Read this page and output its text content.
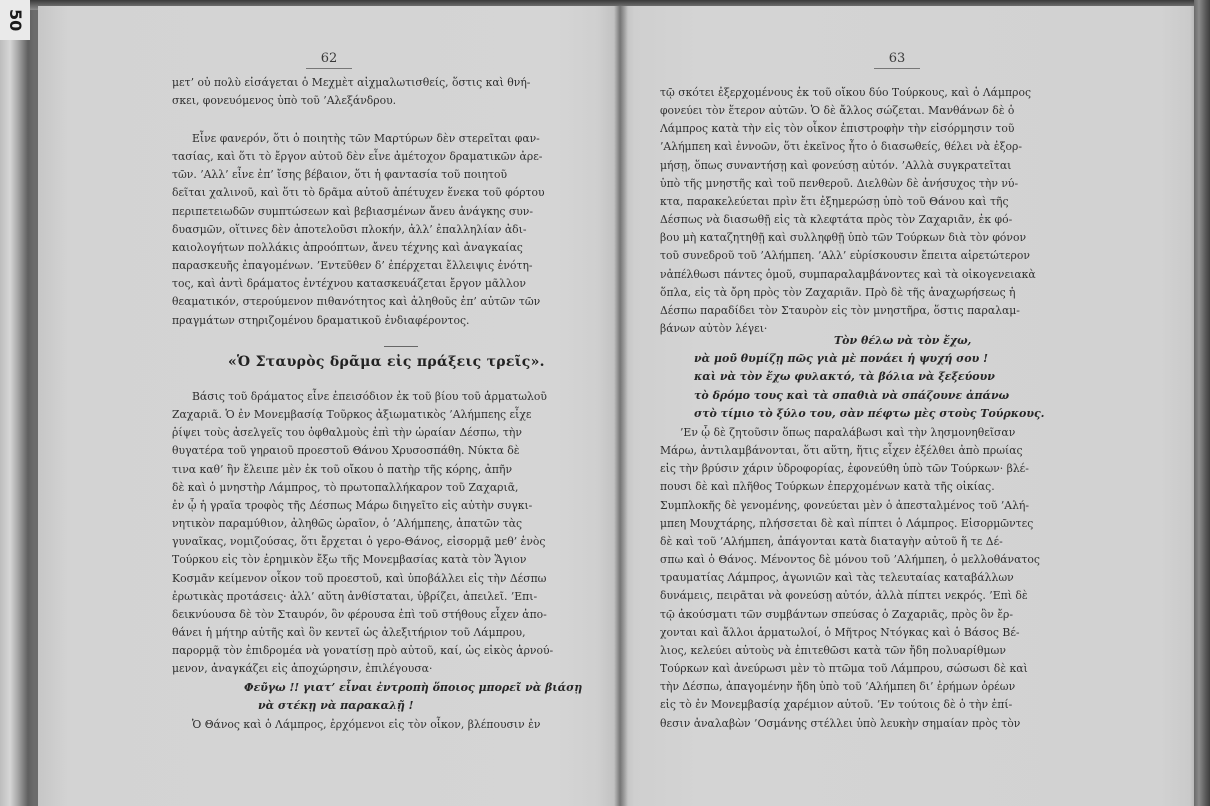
50
62
μετ’ οὐ πολὺ εἰσάγεται ὁ Μεχμὲτ αἰχμαλωτισθείς, ὅστις καὶ θνή-
σκει, φονευόμενος ὑπὸ τοῦ ’Αλεξάνδρου.
Εἶνε φανερόν, ὅτι ὁ ποιητὴς τῶν Μαρτύρων δὲν στερεῖται φαν-
τασίας, καὶ ὅτι τὸ ἔργον αὐτοῦ δὲν εἶνε ἀμέτοχον δραματικῶν ἀρε-
τῶν. ’Αλλ’ εἶνε ἐπ’ ἴσης βέβαιον, ὅτι ἡ φαντασία τοῦ ποιητοῦ
δεῖται χαλινοῦ, καὶ ὅτι τὸ δρᾶμα αὐτοῦ ἀπέτυχεν ἕνεκα τοῦ φόρτου
περιπετειωδῶν συμπτώσεων καὶ βεβιασμένων ἄνευ ἀνάγκης συν-
δυασμῶν, οἵτινες δὲν ἀποτελοῦσι πλοκήν, ἀλλ’ ἐπαλληλίαν ἀδι-
καιολογήτων πολλάκις ἀπροόπτων, ἄνευ τέχνης καὶ ἀναγκαίας
παρασκευῆς ἐπαγομένων. ’Εντεῦθεν δ’ ἐπέρχεται ἔλλειψις ἑνότη-
τος, καὶ ἀντὶ δράματος ἐντέχνου κατασκευάζεται ἔργον μᾶλλον
θεαματικόν, στερούμενον πιθανότητος καὶ ἀληθοῦς ἐπ’ αὐτῶν τῶν
πραγμάτων στηριζομένου δραματικοῦ ἐνδιαφέροντος.
«Ὁ Σταυρὸς δρᾶμα εἰς πράξεις τρεῖς».
Βάσις τοῦ δράματος εἶνε ἐπεισόδιον ἐκ τοῦ βίου τοῦ ἁρματωλοῦ
Ζαχαριᾶ. Ὁ ἐν Μονεμβασίᾳ Τοῦρκος ἀξιωματικὸς ’Αλήμπεης εἶχε
ῥίψει τοὺς ἀσελγεῖς του ὀφθαλμοὺς ἐπὶ τὴν ὡραίαν Δέσπω, τὴν
θυγατέρα τοῦ γηραιοῦ προεστοῦ Θάνου Χρυσοσπάθη. Νύκτα δὲ
τινα καθ’ ἣν ἔλειπε μὲν ἐκ τοῦ οἴκου ὁ πατὴρ τῆς κόρης, ἀπῆν
δὲ καὶ ὁ μνηστὴρ Λάμπρος, τὸ πρωτοπαλλήκαρον τοῦ Ζαχαριᾶ,
ἐν ᾧ ἡ γραῖα τροφὸς τῆς Δέσπως Μάρω διηγεῖτο εἰς αὐτὴν συγκι-
νητικὸν παραμύθιον, ἀληθῶς ὡραῖον, ὁ ’Αλήμπεης, ἀπατῶν τὰς
γυναῖκας, νομιζούσας, ὅτι ἔρχεται ὁ γερο-Θάνος, εἰσορμᾷ μεθ’ ἑνὸς
Τούρκου εἰς τὸν ἐρημικὸν ἔξω τῆς Μονεμβασίας κατὰ τὸν Ἅγιον
Κοσμᾶν κείμενον οἶκον τοῦ προεστοῦ, καὶ ὑποβάλλει εἰς τὴν Δέσπω
ἐρωτικὰς προτάσεις· ἀλλ’ αὕτη ἀνθίσταται, ὑβρίζει, ἀπειλεῖ. ’Επι-
δεικνύουσα δὲ τὸν Σταυρόν, ὃν φέρουσα ἐπὶ τοῦ στήθους εἶχεν ἀπο-
θάνει ἡ μήτηρ αὐτῆς καὶ ὃν κεντεῖ ὡς ἀλεξιτήριον τοῦ Λάμπρου,
παρορμᾷ τὸν ἐπιδρομέα νὰ γονατίσῃ πρὸ αὐτοῦ, καί, ὡς εἰκὸς ἀρνού-
μενον, ἀναγκάζει εἰς ἀποχώρησιν, ἐπιλέγουσα·
Φεῦγω !! γιατ’ εἶναι ἐντροπὴ ὅποιος μπορεῖ νὰ βιάσῃ
νὰ στέκῃ νὰ παρακαλῇ !
Ὁ Θάνος καὶ ὁ Λάμπρος, ἐρχόμενοι εἰς τὸν οἶκον, βλέπουσιν ἐν
63
τῷ σκότει ἐξερχομένους ἐκ τοῦ οἴκου δύο Τούρκους, καὶ ὁ Λάμπρος
φονεύει τὸν ἕτερον αὐτῶν. Ὁ δὲ ἄλλος σώζεται. Μανθάνων δὲ ὁ
Λάμπρος κατὰ τὴν εἰς τὸν οἶκον ἐπιστροφὴν τὴν εἰσόρμησιν τοῦ
’Αλήμπεη καὶ ἐννοῶν, ὅτι ἐκεῖνος ἦτο ὁ διασωθείς, θέλει νὰ ἐξορ-
μήσῃ, ὅπως συναντήσῃ καὶ φονεύσῃ αὐτόν. ’Αλλὰ συγκρατεῖται
ὑπὸ τῆς μνηστῆς καὶ τοῦ πενθεροῦ. Διελθὼν δὲ ἀνήσυχος τὴν νύ-
κτα, παρακελεύεται πρὶν ἔτι ἐξημερώσῃ ὑπὸ τοῦ Θάνου καὶ τῆς
Δέσπως νὰ διασωθῇ εἰς τὰ κλεφτάτα πρὸς τὸν Ζαχαριᾶν, ἐκ φό-
βου μὴ καταζητηθῇ καὶ συλληφθῇ ὑπὸ τῶν Τούρκων διὰ τὸν φόνον
τοῦ συνεδροῦ τοῦ ’Αλήμπεη. ’Αλλ’ εὑρίσκουσιν ἔπειτα αἱρετώτερον
νἀπέλθωσι πάντες ὁμοῦ, συμπαραλαμβάνοντες καὶ τὰ οἰκογενειακὰ
ὅπλα, εἰς τὰ ὄρη πρὸς τὸν Ζαχαριᾶν. Πρὸ δὲ τῆς ἀναχωρήσεως ἡ
Δέσπω παραδίδει τὸν Σταυρὸν εἰς τὸν μνηστῆρα, ὅστις παραλαμ-
βάνων αὐτὸν λέγει·
Τὸν θέλω νὰ τὸν ἔχω,
νὰ μοῦ θυμίζῃ πῶς γιὰ μὲ πονάει ἡ ψυχή σου !
καὶ νὰ τὸν ἔχω φυλακτό, τὰ βόλια νὰ ξεξεύουν
τὸ δρόμο τους καὶ τὰ σπαθιὰ νὰ σπάζουνε ἀπάνω
στὸ τίμιο τὸ ξύλο του, σὰν πέφτω μὲς στοὺς Τούρκους.
’Εν ᾧ δὲ ζητοῦσιν ὅπως παραλάβωσι καὶ τὴν λησμονηθεῖσαν
Μάρω, ἀντιλαμβάνονται, ὅτι αὕτη, ἥτις εἶχεν ἐξέλθει ἀπὸ πρωίας
εἰς τὴν βρύσιν χάριν ὑδροφορίας, ἐφονεύθη ὑπὸ τῶν Τούρκων· βλέ-
πουσι δὲ καὶ πλῆθος Τούρκων ἐπερχομένων κατὰ τῆς οἰκίας.
Συμπλοκῆς δὲ γενομένης, φονεύεται μὲν ὁ ἀπεσταλμένος τοῦ ’Αλή-
μπεη Μουχτάρης, πλήσσεται δὲ καὶ πίπτει ὁ Λάμπρος. Εἰσορμῶντες
δὲ καὶ τοῦ ’Αλήμπεη, ἀπάγονται κατὰ διαταγὴν αὐτοῦ ἥ τε Δέ-
σπω καὶ ὁ Θάνος. Μένοντος δὲ μόνου τοῦ ’Αλήμπεη, ὁ μελλοθάνατος
τραυματίας Λάμπρος, ἀγωνιῶν καὶ τὰς τελευταίας καταβάλλων
δυνάμεις, πειρᾶται νὰ φονεύσῃ αὐτόν, ἀλλὰ πίπτει νεκρός. ’Επὶ δὲ
τῷ ἀκούσματι τῶν συμβάντων σπεύσας ὁ Ζαχαριᾶς, πρὸς ὃν ἔρ-
χονται καὶ ἄλλοι ἁρματωλοί, ὁ Μῆτρος Ντόγκας καὶ ὁ Βάσος Βέ-
λιος, κελεύει αὐτοὺς νὰ ἐπιτεθῶσι κατὰ τῶν ἤδη πολυαρίθμων
Τούρκων καὶ ἀνεύρωσι μὲν τὸ πτῶμα τοῦ Λάμπρου, σώσωσι δὲ καὶ
τὴν Δέσπω, ἀπαγομένην ἤδη ὑπὸ τοῦ ’Αλήμπεη δι’ ἐρήμων ὀρέων
εἰς τὸ ἐν Μονεμβασίᾳ χαρέμιον αὐτοῦ. ’Εν τούτοις δὲ ὁ τὴν ἐπί-
θεσιν ἀναλαβὼν ’Οσμάνης στέλλει ὑπὸ λευκὴν σημαίαν πρὸς τὸν
